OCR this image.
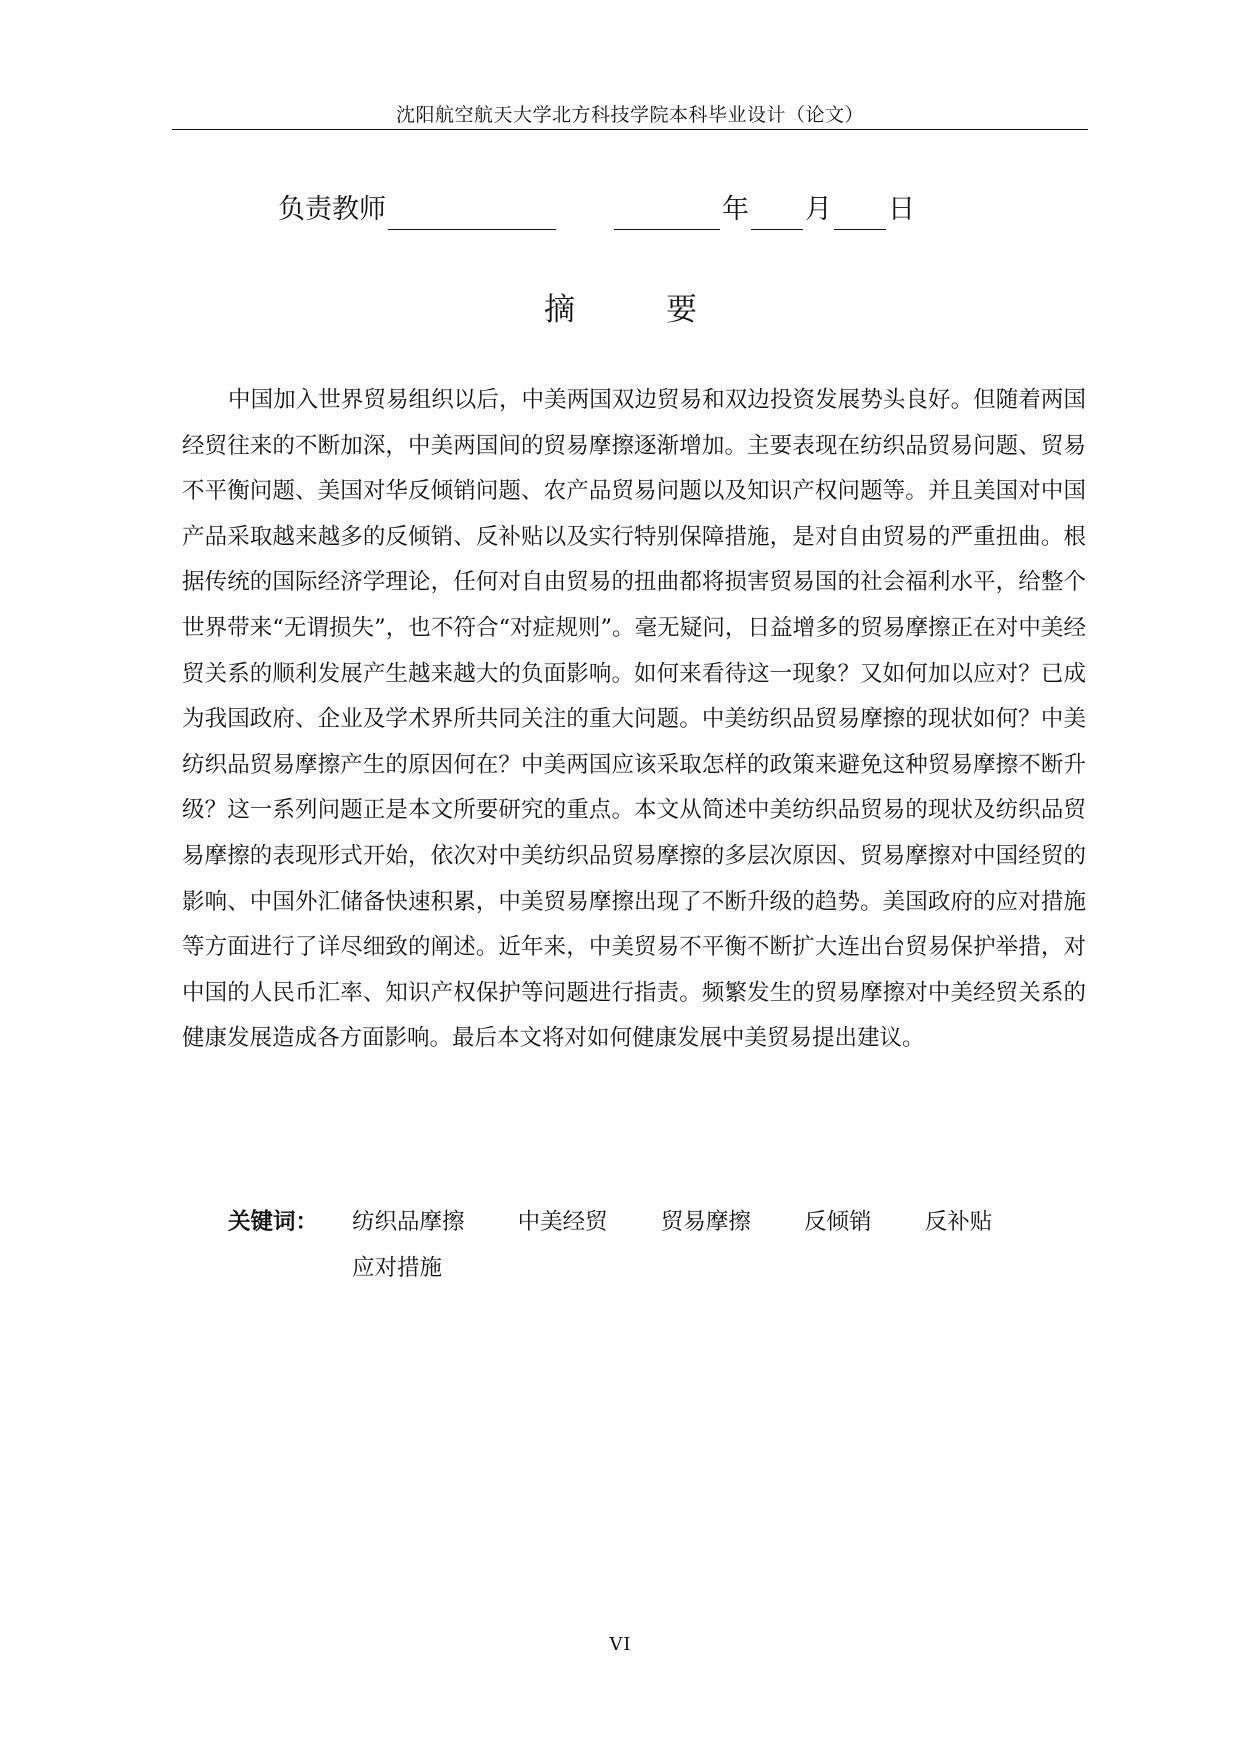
沈阳航空航天大学北方科技学院本科毕业设计（论文）
负责教师	年 月 日
摘　要

中国加入世界贸易组织以后，中美两国双边贸易和双边投资发展势头良好。但随着两国经贸往来的不断加深，中美两国间的贸易摩擦逐渐增加。主要表现在纺织品贸易问题、贸易不平衡问题、美国对华反倾销问题、农产品贸易问题以及知识产权问题等。并且美国对中国产品采取越来越多的反倾销、反补贴以及实行特别保障措施，是对自由贸易的严重扭曲。根据传统的国际经济学理论，任何对自由贸易的扭曲都将损害贸易国的社会福利水平，给整个世界带来“无谓损失”，也不符合“对症规则”。毫无疑问，日益增多的贸易摩擦正在对中美经贸关系的顺利发展产生越来越大的负面影响。如何来看待这一现象？又如何加以应对？已成为我国政府、企业及学术界所共同关注的重大问题。中美纺织品贸易摩擦的现状如何？中美纺织品贸易摩擦产生的原因何在？中美两国应该采取怎样的政策来避免这种贸易摩擦不断升级？这一系列问题正是本文所要研究的重点。本文从简述中美纺织品贸易的现状及纺织品贸易摩擦的表现形式开始，依次对中美纺织品贸易摩擦的多层次原因、贸易摩擦对中国经贸的影响、中国外汇储备快速积累，中美贸易摩擦出现了不断升级的趋势。美国政府的应对措施等方面进行了详尽细致的阐述。近年来，中美贸易不平衡不断扩大连出台贸易保护举措，对中国的人民币汇率、知识产权保护等问题进行指责。频繁发生的贸易摩擦对中美经贸关系的健康发展造成各方面影响。最后本文将对如何健康发展中美贸易提出建议。

关键词： 纺织品摩擦 中美经贸 贸易摩擦 反倾销 反补贴 应对措施
VI
